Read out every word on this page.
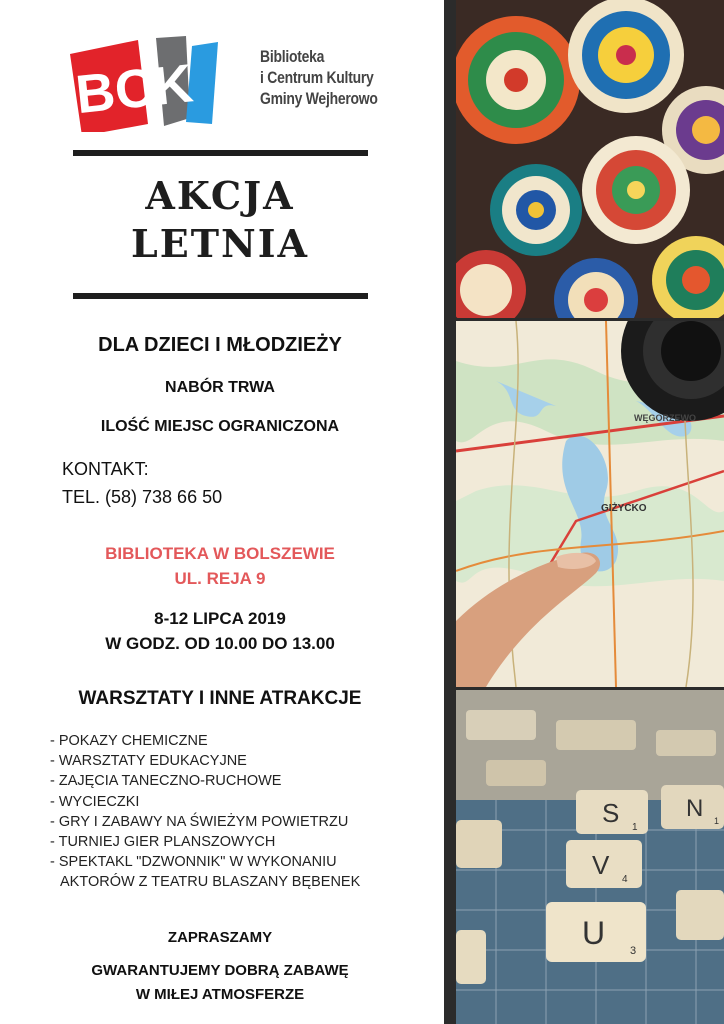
BCK	Biblioteka
i Centrum Kultury
Gminy Wejherowo
AKCJA
LETNIA
DLA DZIECI I MŁODZIEŻY
NABÓR TRWA
ILOŚĆ MIEJSC OGRANICZONA
KONTAKT:
TEL. (58) 738 66 50
BIBLIOTEKA W BOLSZEWIE
UL. REJA 9
8-12 LIPCA 2019
W GODZ. OD 10.00 DO 13.00
WARSZTATY I INNE ATRAKCJE
- POKAZY CHEMICZNE
- WARSZTATY EDUKACYJNE
- ZAJĘCIA TANECZNO-RUCHOWE
- WYCIECZKI
- GRY I ZABAWY NA ŚWIEŻYM POWIETRZU
- TURNIEJ GIER PLANSZOWYCH
- SPEKTAKL "DZWONNIK" W WYKONANIU
AKTORÓW Z TEATRU BLASZANY BĘBENEK
ZAPRASZAMY
GWARANTUJEMY DOBRĄ ZABAWĘ
W MIŁEJ ATMOSFERZE
WĘGORZEWO
GIŻYCKO
S 1
V 4
U 3
N 1
